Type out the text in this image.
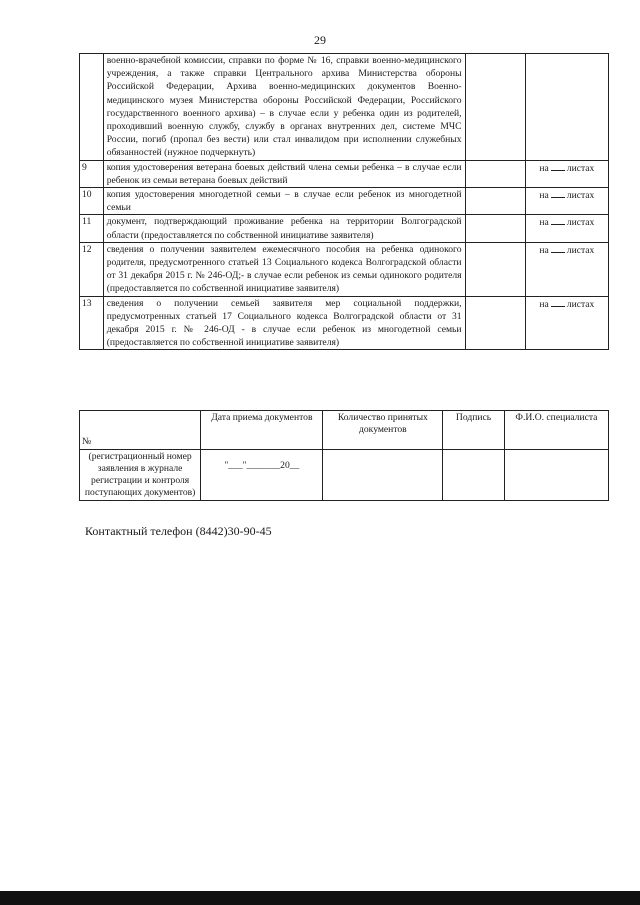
29
	военно-врачебной комиссии, справки по форме № 16, справки военно-медицинского учреждения, а также справки Центрального архива Министерства обороны Российской Федерации, Архива военно-медицинских документов Военно-медицинского музея Министерства обороны Российской Федерации, Российского государственного военного архива) – в случае если у ребенка один из родителей, проходивший военную службу, службу в органах внутренних дел, системе МЧС России, погиб (пропал без вести) или стал инвалидом при исполнении служебных обязанностей (нужное подчеркнуть)		
9	копия удостоверения ветерана боевых действий члена семьи ребенка – в случае если ребенок из семьи ветерана боевых действий		на листах
10	копия удостоверения многодетной семьи – в случае если ребенок из многодетной семьи		на листах
11	документ, подтверждающий проживание ребенка на территории Волгоградской области (предоставляется по собственной инициативе заявителя)		на листах
12	сведения о получении заявителем ежемесячного пособия на ребенка одинокого родителя, предусмотренного статьей 13 Социального кодекса Волгоградской области от 31 декабря 2015 г. № 246-ОД;- в случае если ребенок из семьи одинокого родителя (предоставляется по собственной инициативе заявителя)		на листах
13	сведения о получении семьей заявителя мер социальной поддержки, предусмотренных статьей 17 Социального кодекса Волгоградской области от 31 декабря 2015 г. № 246-ОД - в случае если ребенок из многодетной семьи (предоставляется по собственной инициативе заявителя)		на листах
№	Дата приема документов	Количество принятых документов	Подпись	Ф.И.О. специалиста
(регистрационный номер заявления в журнале регистрации и контроля поступающих документов)	"___"_______20__			
Контактный телефон (8442)30-90-45
